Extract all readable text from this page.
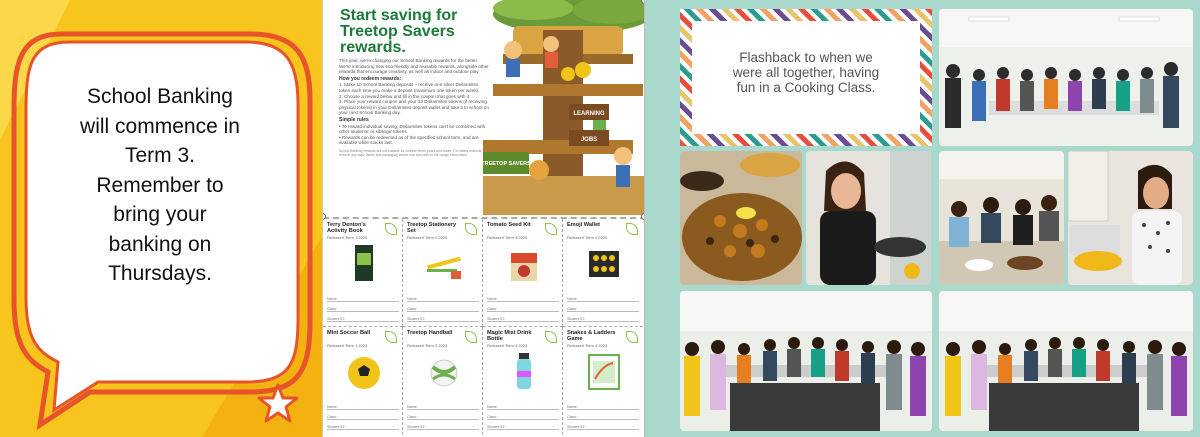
School Banking
will commence in
Term 3.
Remember to
bring your
banking on
Thursdays.
Start saving for
Treetop Savers
rewards.
This year, we're changing our School Banking rewards for the better. We're introducing new eco-friendly and reusable rewards, alongside other rewards that encourage creativity, as well as indoor and outdoor play.
How you redeem rewards:
1. Make 10 School Banking deposits – receive one silver Dollarmites token each time you make a deposit (maximum one token per week).
2. Choose a reward below and fill in the coupon that goes with it.
3. Place your reward coupon and your 10 Dollarmites tokens (if receiving physical tokens) in your Dollarmites deposit wallet and take it to school on your next School Banking day.
Simple rules
• To reward individual saving, Dollarmites tokens can't be combined with other students' or siblings' tokens.
• Rewards can be redeemed as of the specified school term, and are available while stocks last.
School Banking rewards are not suitable for children three years and under. For safety reasons, remove any tags, labels and packaging before use and refer to the usage instructions.
LEARNING
JOBS
TREETOP SAVERS
Terry Denton's Activity Book
Released Term 1 2020
Name:
Class:
Student ID:
Treetop Stationery Set
Released Term 2 2020
Name:
Class:
Student ID:
Tomato Seed Kit
Released Term 3 2020
Name:
Class:
Student ID:
Emoji Wallet
Released Term 4 2020
Name:
Class:
Student ID:
Mini Soccer Ball
Released Term 1 2020
Name:
Class:
Student ID:
Treetop Handball
Released Term 2 2020
Name:
Class:
Student ID:
Magic Mist Drink Bottle
Released Term 3 2020
Name:
Class:
Student ID:
Snakes & Ladders Game
Released Term 4 2020
Name:
Class:
Student ID:
Flashback to when we
were all together, having
fun in a Cooking Class.
